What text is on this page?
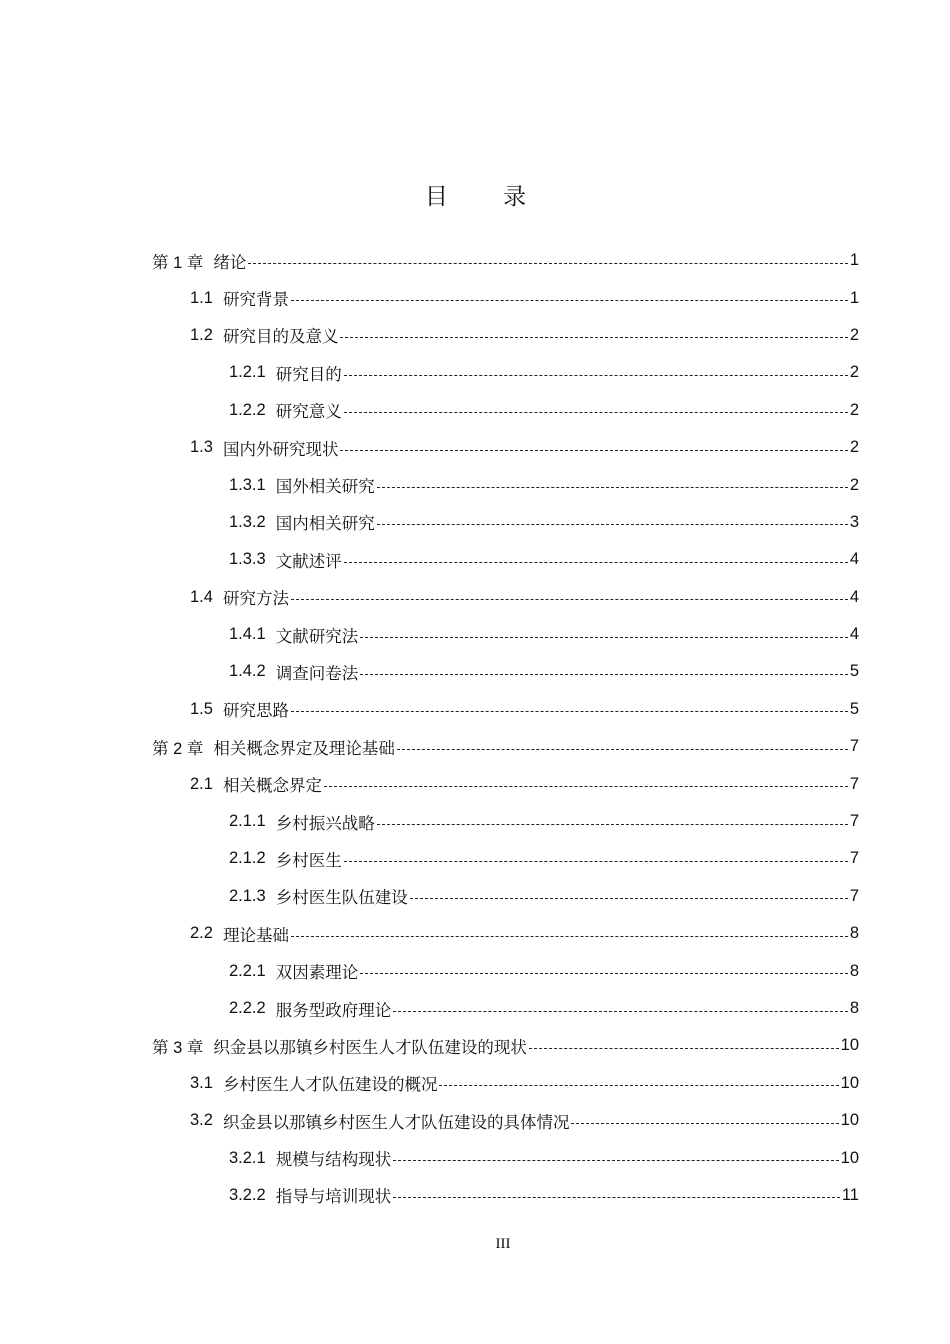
目 录
第 1 章 绪论	1
1.1 研究背景	1
1.2 研究目的及意义	2
1.2.1 研究目的	2
1.2.2 研究意义	2
1.3 国内外研究现状	2
1.3.1 国外相关研究	2
1.3.2 国内相关研究	3
1.3.3 文献述评	4
1.4 研究方法	4
1.4.1 文献研究法	4
1.4.2 调查问卷法	5
1.5 研究思路	5
第 2 章 相关概念界定及理论基础	7
2.1 相关概念界定	7
2.1.1 乡村振兴战略	7
2.1.2 乡村医生	7
2.1.3 乡村医生队伍建设	7
2.2 理论基础	8
2.2.1 双因素理论	8
2.2.2 服务型政府理论	8
第 3 章 织金县以那镇乡村医生人才队伍建设的现状	10
3.1 乡村医生人才队伍建设的概况	10
3.2 织金县以那镇乡村医生人才队伍建设的具体情况	10
3.2.1 规模与结构现状	10
3.2.2 指导与培训现状	11
III
